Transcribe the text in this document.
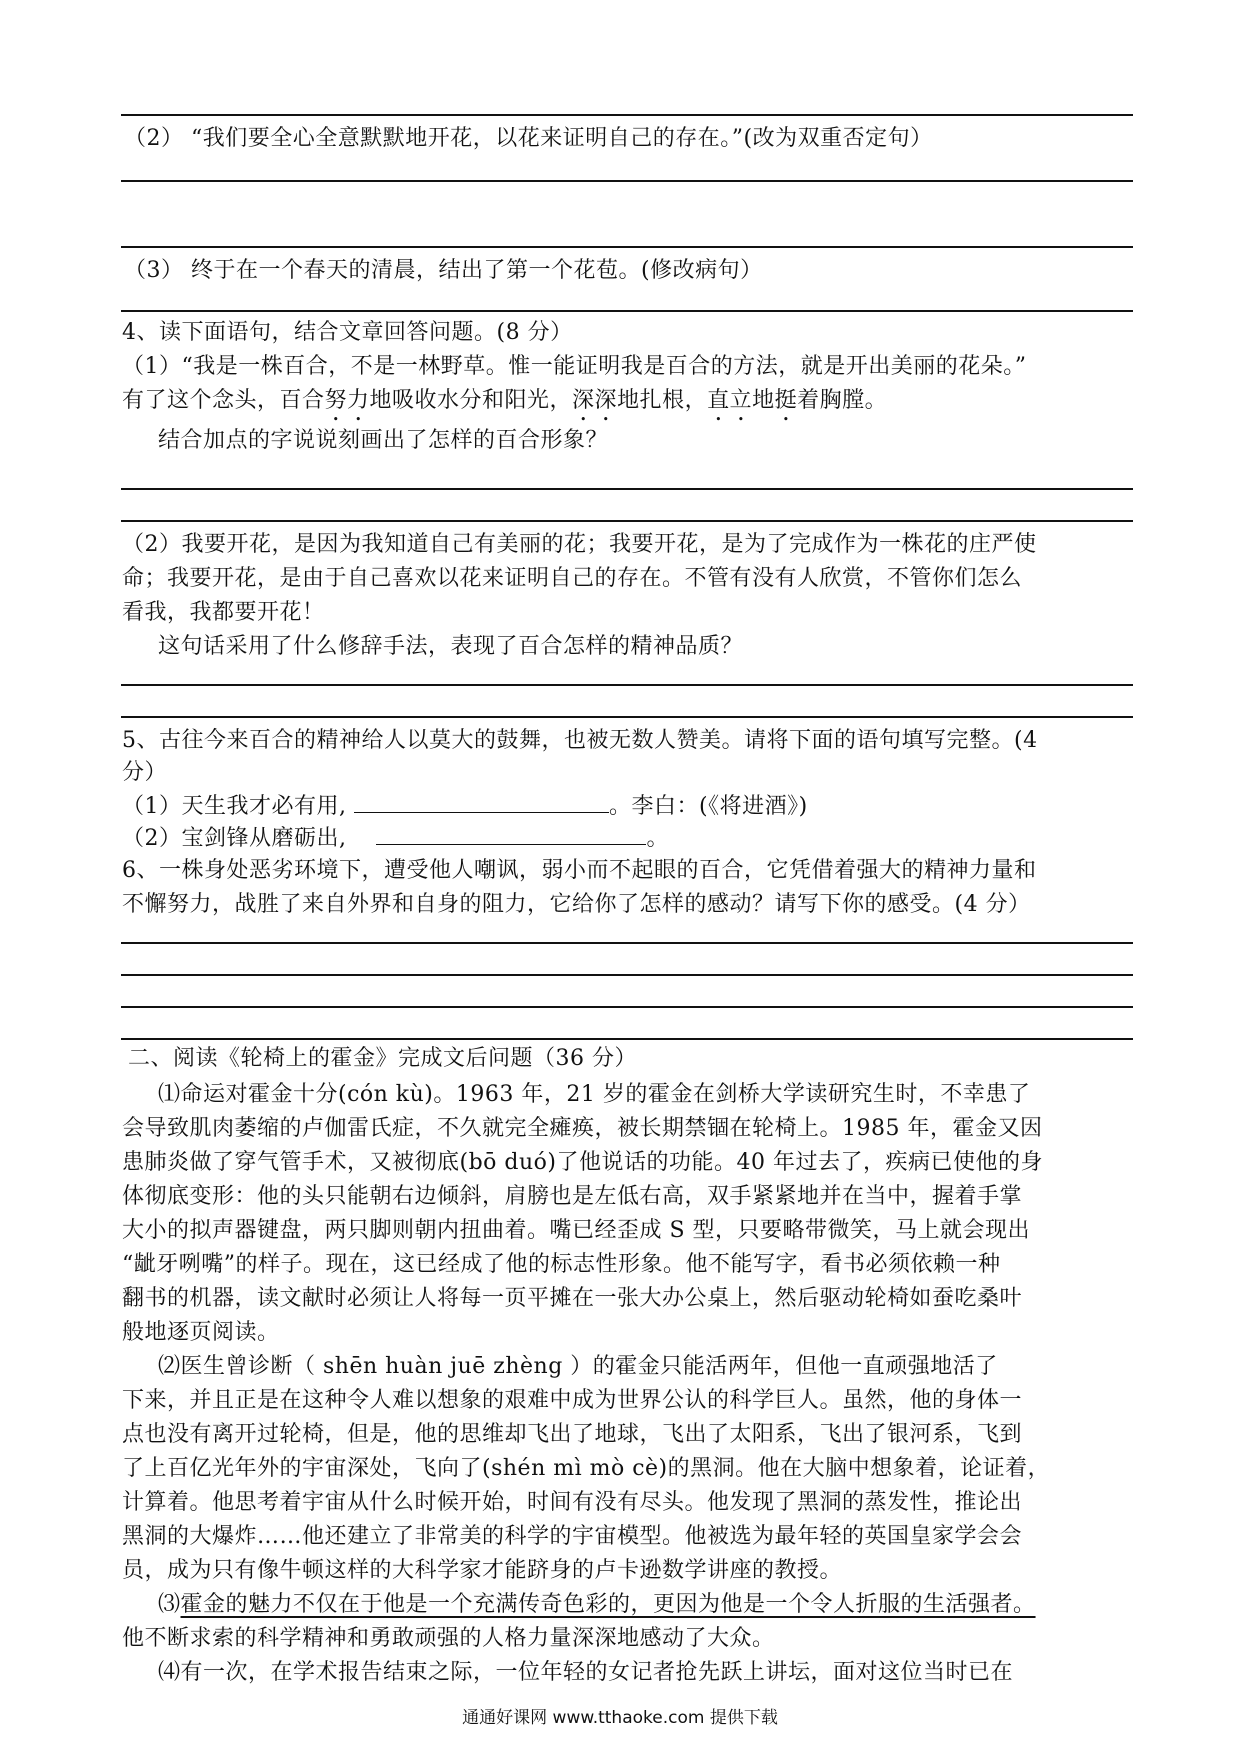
（2） “我们要全心全意默默地开花，以花来证明自己的存在。”(改为双重否定句）
（3） 终于在一个春天的清晨，结出了第一个花苞。(修改病句）
4、读下面语句，结合文章回答问题。(8 分）
（1）“我是一株百合，不是一林野草。惟一能证明我是百合的方法，就是开出美丽的花朵。”
有了这个念头，百合努力地吸收水分和阳光，深深地扎根，直立地挺着胸膛。
结合加点的字说说刻画出了怎样的百合形象？
（2）我要开花，是因为我知道自己有美丽的花；我要开花，是为了完成作为一株花的庄严使
命；我要开花，是由于自己喜欢以花来证明自己的存在。不管有没有人欣赏，不管你们怎么
看我，我都要开花！
这句话采用了什么修辞手法，表现了百合怎样的精神品质？
5、古往今来百合的精神给人以莫大的鼓舞，也被无数人赞美。请将下面的语句填写完整。(4
分）
（1）天生我才必有用,	。李白：(《将进酒》)
（2）宝剑锋从磨砺出,	。
6、一株身处恶劣环境下，遭受他人嘲讽，弱小而不起眼的百合，它凭借着强大的精神力量和
不懈努力，战胜了来自外界和自身的阻力，它给你了怎样的感动？请写下你的感受。(4 分）
二、阅读《轮椅上的霍金》完成文后问题（36 分）
⑴命运对霍金十分(cón kù)。1963 年，21 岁的霍金在剑桥大学读研究生时，不幸患了
会导致肌肉萎缩的卢伽雷氏症，不久就完全瘫痪，被长期禁锢在轮椅上。1985 年，霍金又因
患肺炎做了穿气管手术，又被彻底(bō duó)了他说话的功能。40 年过去了，疾病已使他的身
体彻底变形：他的头只能朝右边倾斜，肩膀也是左低右高，双手紧紧地并在当中，握着手掌
大小的拟声器键盘，两只脚则朝内扭曲着。嘴已经歪成 S 型，只要略带微笑，马上就会现出
“龇牙咧嘴”的样子。现在，这已经成了他的标志性形象。他不能写字，看书必须依赖一种
翻书的机器，读文献时必须让人将每一页平摊在一张大办公桌上，然后驱动轮椅如蚕吃桑叶
般地逐页阅读。
⑵医生曾诊断（ shēn huàn juē zhèng ）的霍金只能活两年，但他一直顽强地活了
下来，并且正是在这种令人难以想象的艰难中成为世界公认的科学巨人。虽然，他的身体一
点也没有离开过轮椅，但是，他的思维却飞出了地球，飞出了太阳系，飞出了银河系，飞到
了上百亿光年外的宇宙深处，飞向了(shén mì mò cè)的黑洞。他在大脑中想象着，论证着，
计算着。他思考着宇宙从什么时候开始，时间有没有尽头。他发现了黑洞的蒸发性，推论出
黑洞的大爆炸……他还建立了非常美的科学的宇宙模型。他被选为最年轻的英国皇家学会会
员，成为只有像牛顿这样的大科学家才能跻身的卢卡逊数学讲座的教授。
⑶霍金的魅力不仅在于他是一个充满传奇色彩的，更因为他是一个令人折服的生活强者。
他不断求索的科学精神和勇敢顽强的人格力量深深地感动了大众。
⑷有一次，在学术报告结束之际，一位年轻的女记者抢先跃上讲坛，面对这位当时已在
通通好课网 www.tthaoke.com 提供下载
